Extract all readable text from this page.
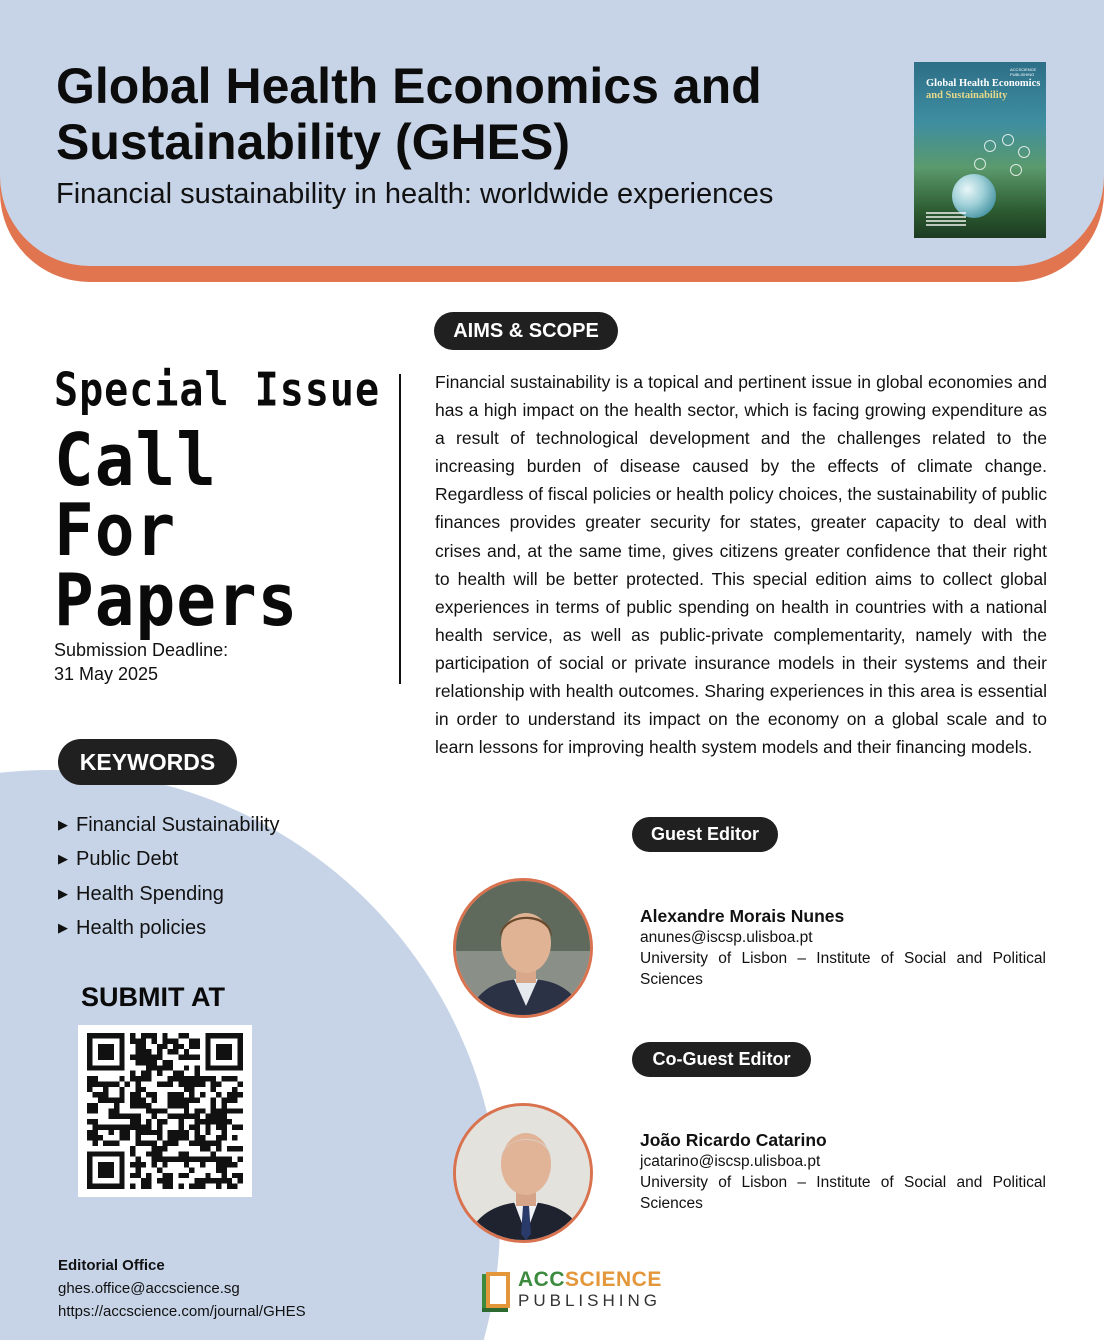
Global Health Economics and Sustainability (GHES)
Financial sustainability in health: worldwide experiences
ACCSCIENCE PUBLISHING
Global Health Economics
and Sustainability
Special Issue
Call
For
Papers
Submission Deadline:
31 May 2025
AIMS & SCOPE

Financial sustainability is a topical and pertinent issue in global economies and has a high impact on the health sector, which is facing growing expenditure as a result of technological development and the challenges related to the increasing burden of disease caused by the effects of climate change. Regardless of fiscal policies or health policy choices, the sustainability of public finances provides greater security for states, greater capacity to deal with crises and, at the same time, gives citizens greater confidence that their right to health will be better protected. This special edition aims to collect global experiences in terms of public spending on health in countries with a national health service, as well as public-private complementarity, namely with the participation of social or private insurance models in their systems and their relationship with health outcomes. Sharing experiences in this area is essential in order to understand its impact on the economy on a global scale and to learn lessons for improving health system models and their financing models.

KEYWORDS
▶ Financial Sustainability
▶ Public Debt
▶ Health Spending
▶ Health policies
SUBMIT AT
Editorial Office
ghes.office@accscience.sg
https://accscience.com/journal/GHES
Guest Editor
Alexandre Morais Nunes
anunes@iscsp.ulisboa.pt
University of Lisbon – Institute of Social and Political Sciences
Co-Guest Editor
João Ricardo Catarino
jcatarino@iscsp.ulisboa.pt
University of Lisbon – Institute of Social and Political Sciences
ACCSCIENCE
PUBLISHING
